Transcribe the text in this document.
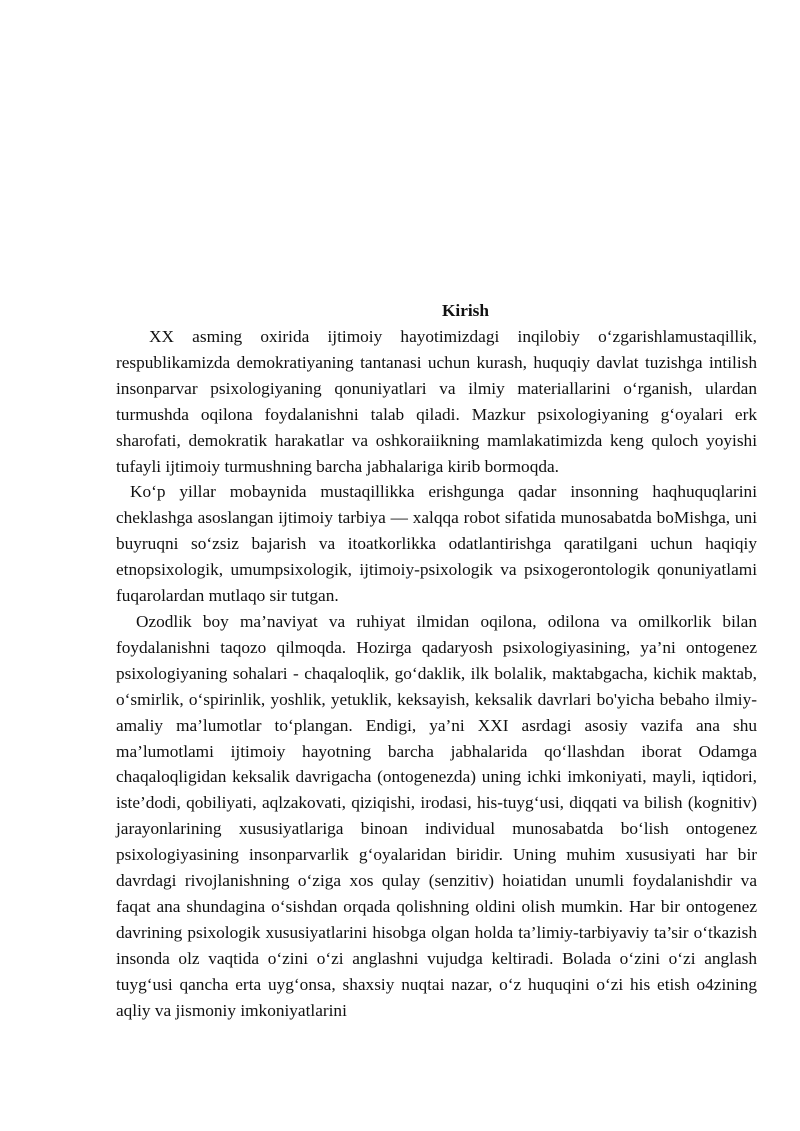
Kirish

XX asming oxirida ijtimoiy hayotimizdagi inqilobiy o‘zgarishlamustaqillik, respublikamizda demokratiyaning tantanasi uchun kurash, huquqiy davlat tuzishga intilish insonparvar psixologiyaning qonuniyatlari va ilmiy materiallarini o‘rganish, ulardan turmushda oqilona foydalanishni talab qiladi. Mazkur psixologiyaning g‘oyalari erk sharofati, demokratik harakatlar va oshkoraiikning mamlakatimizda keng quloch yoyishi tufayli ijtimoiy turmushning barcha jabhalariga kirib bormoqda.

Ko‘p yillar mobaynida mustaqillikka erishgunga qadar insonning haqhuquqlarini cheklashga asoslangan ijtimoiy tarbiya — xalqqa robot sifatida munosabatda boMishga, uni buyruqni so‘zsiz bajarish va itoatkorlikka odatlantirishga qaratilgani uchun haqiqiy etnopsixologik, umumpsixologik, ijtimoiy-psixologik va psixogerontologik qonuniyatlami fuqarolardan mutlaqo sir tutgan.

Ozodlik boy ma’naviyat va ruhiyat ilmidan oqilona, odilona va omilkorlik bilan foydalanishni taqozo qilmoqda. Hozirga qadaryosh psixologiyasining, ya’ni ontogenez psixologiyaning sohalari - chaqaloqlik, go‘daklik, ilk bolalik, maktabgacha, kichik maktab, o‘smirlik, o‘spirinlik, yoshlik, yetuklik, keksayish, keksalik davrlari bo'yicha bebaho ilmiy-amaliy ma’lumotlar to‘plangan. Endigi, ya’ni XXI asrdagi asosiy vazifa ana shu ma’lumotlami ijtimoiy hayotning barcha jabhalarida qo‘llashdan iborat Odamga chaqaloqligidan keksalik davrigacha (ontogenezda) uning ichki imkoniyati, mayli, iqtidori, iste’dodi, qobiliyati, aqlzakovati, qiziqishi, irodasi, his-tuyg‘usi, diqqati va bilish (kognitiv) jarayonlarining xususiyatlariga binoan individual munosabatda bo‘lish ontogenez psixologiyasining insonparvarlik g‘oyalaridan biridir. Uning muhim xususiyati har bir davrdagi rivojlanishning o‘ziga xos qulay (senzitiv) hoiatidan unumli foydalanishdir va faqat ana shundagina o‘sishdan orqada qolishning oldini olish mumkin. Har bir ontogenez davrining psixologik xususiyatlarini hisobga olgan holda ta’limiy-tarbiyaviy ta’sir o‘tkazish insonda olz vaqtida o‘zini o‘zi anglashni vujudga keltiradi. Bolada o‘zini o‘zi anglash tuyg‘usi qancha erta uyg‘onsa, shaxsiy nuqtai nazar, o‘z huquqini o‘zi his etish o4zining aqliy va jismoniy imkoniyatlarini
